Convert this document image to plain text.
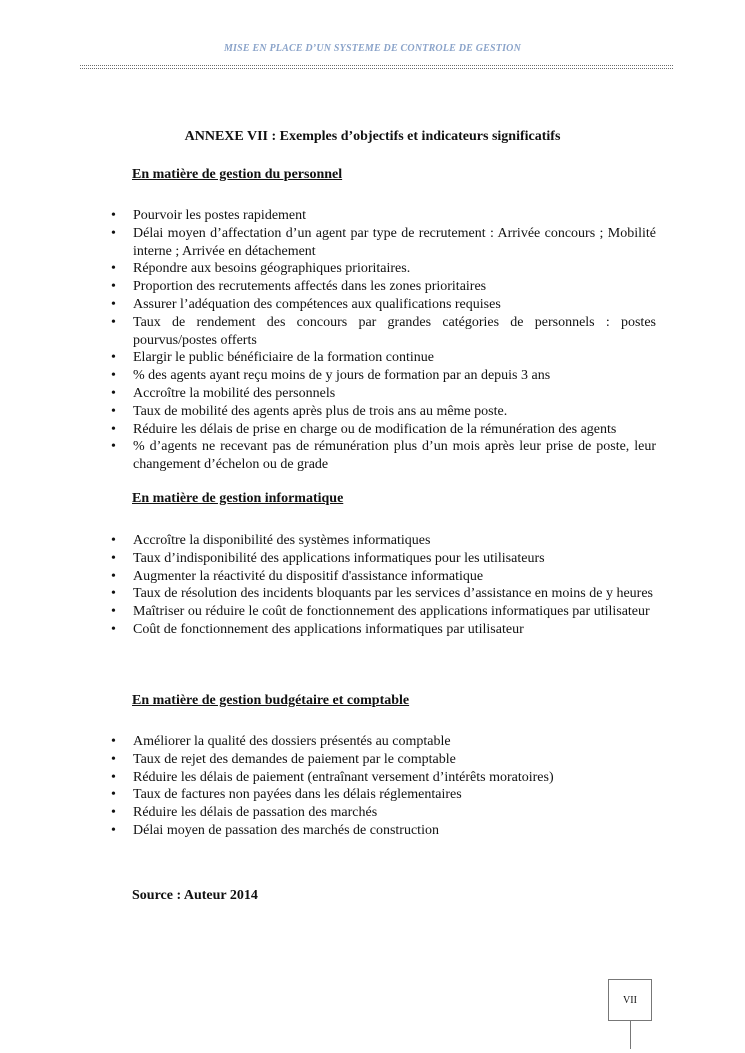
MISE EN PLACE D’UN SYSTEME DE CONTROLE DE GESTION
ANNEXE VII : Exemples d’objectifs et indicateurs significatifs
En matière de gestion du personnel
• Pourvoir les postes rapidement
• Délai moyen d’affectation d’un agent par type de recrutement : Arrivée concours ; Mobilité interne ; Arrivée en détachement
• Répondre aux besoins géographiques prioritaires.
• Proportion des recrutements affectés dans les zones prioritaires
• Assurer l’adéquation des compétences aux qualifications requises
• Taux de rendement des concours par grandes catégories de personnels : postes pourvus/postes offerts
• Elargir le public bénéficiaire de la formation continue
• % des agents ayant reçu moins de y jours de formation par an depuis 3 ans
• Accroître la mobilité des personnels
• Taux de mobilité des agents après plus de trois ans au même poste.
• Réduire les délais de prise en charge ou de modification de la rémunération des agents
• % d’agents ne recevant pas de rémunération plus d’un mois après leur prise de poste, leur changement d’échelon ou de grade
En matière de gestion informatique
• Accroître la disponibilité des systèmes informatiques
• Taux d’indisponibilité des applications informatiques pour les utilisateurs
• Augmenter la réactivité du dispositif d'assistance informatique
• Taux de résolution des incidents bloquants par les services d’assistance en moins de y heures
• Maîtriser ou réduire le coût de fonctionnement des applications informatiques par utilisateur
• Coût de fonctionnement des applications informatiques par utilisateur
En matière de gestion budgétaire et comptable
• Améliorer la qualité des dossiers présentés au comptable
• Taux de rejet des demandes de paiement par le comptable
• Réduire les délais de paiement (entraînant versement d’intérêts moratoires)
• Taux de factures non payées dans les délais réglementaires
• Réduire les délais de passation des marchés
• Délai moyen de passation des marchés de construction
Source : Auteur 2014
VII
